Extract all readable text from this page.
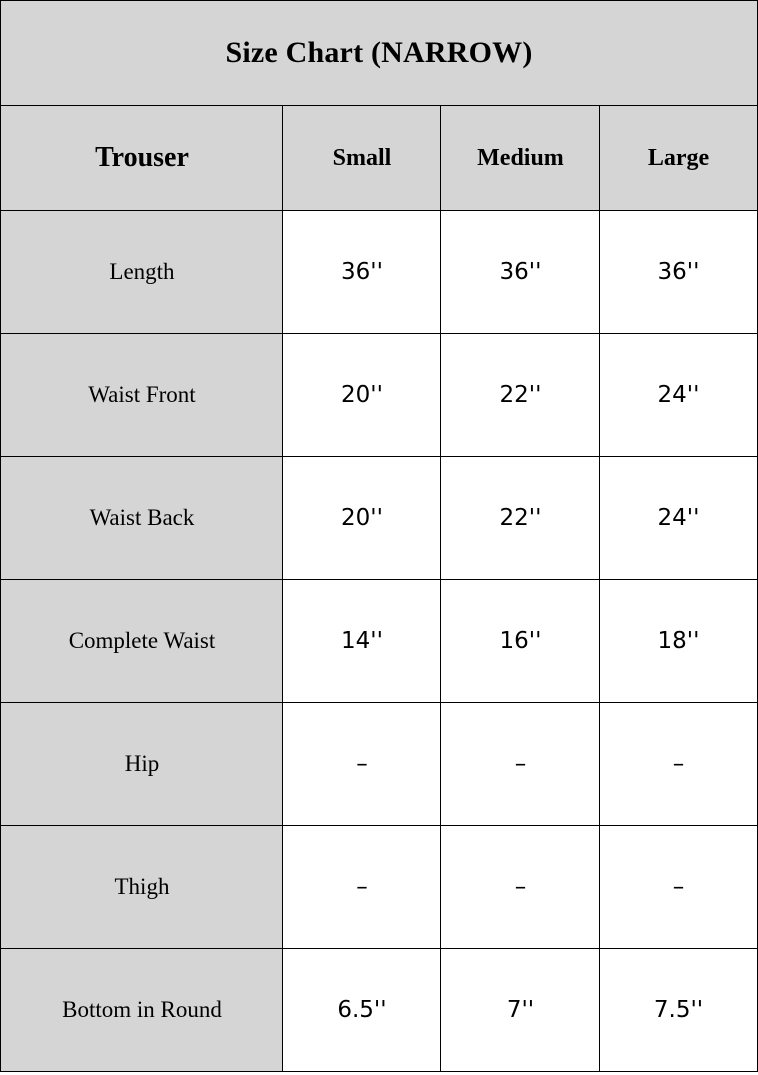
Size Chart (NARROW)			
Trouser	Small	Medium	Large
Length	36''	36''	36''
Waist Front	20''	22''	24''
Waist Back	20''	22''	24''
Complete Waist	14''	16''	18''
Hip	–	–	–
Thigh	–	–	–
Bottom in Round	6.5''	7''	7.5''
